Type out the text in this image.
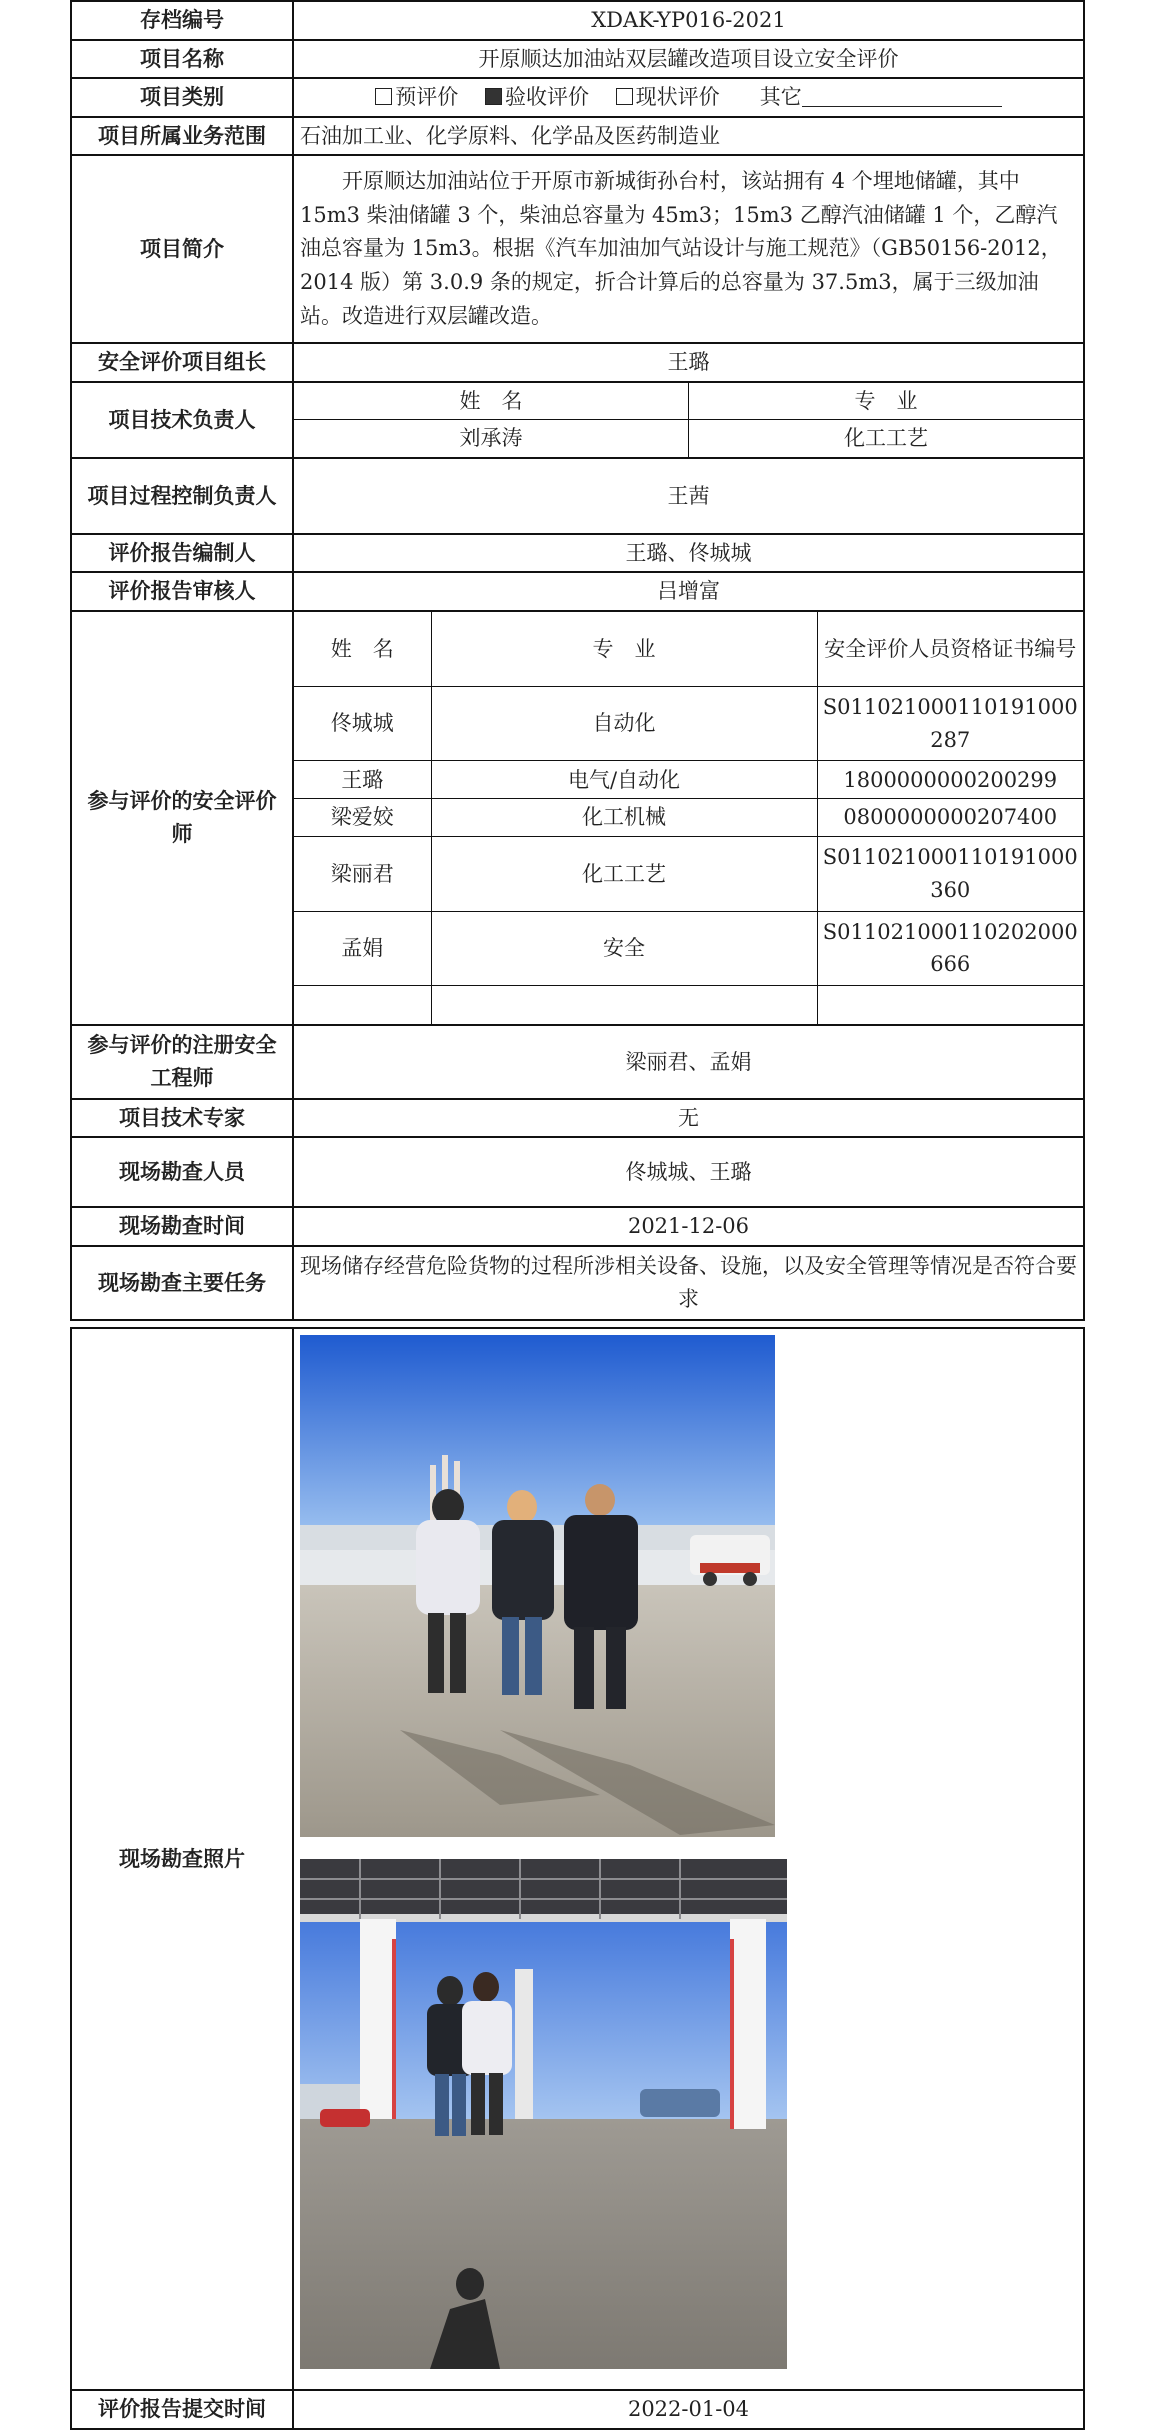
存档编号	XDAK-YP016-2021
项目名称	开原顺达加油站双层罐改造项目设立安全评价
项目类别	预评价 验收评价 现状评价 其它
项目所属业务范围	石油加工业、化学原料、化学品及医药制造业
项目简介	开原顺达加油站位于开原市新城街孙台村，该站拥有 4 个埋地储罐，其中 15m3 柴油储罐 3 个，柴油总容量为 45m3；15m3 乙醇汽油储罐 1 个，乙醇汽油总容量为 15m3。根据《汽车加油加气站设计与施工规范》（GB50156-2012，2014 版）第 3.0.9 条的规定，折合计算后的总容量为 37.5m3，属于三级加油站。改造进行双层罐改造。
安全评价项目组长	王璐
项目技术负责人	
姓　名	专　业
刘承涛	化工工艺

项目过程控制负责人	王茜
评价报告编制人	王璐、佟城城
评价报告审核人	吕增富
参与评价的安全评价师	
姓　名	专　业	安全评价人员资格证书编号
佟城城	自动化	S011021000110191000287
王璐	电气/自动化	1800000000200299
梁爱姣	化工机械	0800000000207400
梁丽君	化工工艺	S011021000110191000360
孟娟	安全	S011021000110202000666

参与评价的注册安全工程师	梁丽君、孟娟
项目技术专家	无
现场勘查人员	佟城城、王璐
现场勘查时间	2021-12-06
现场勘查主要任务	现场储存经营危险货物的过程所涉相关设备、设施，以及安全管理等情况是否符合要求

现场勘查照片	

评价报告提交时间	2022-01-04
